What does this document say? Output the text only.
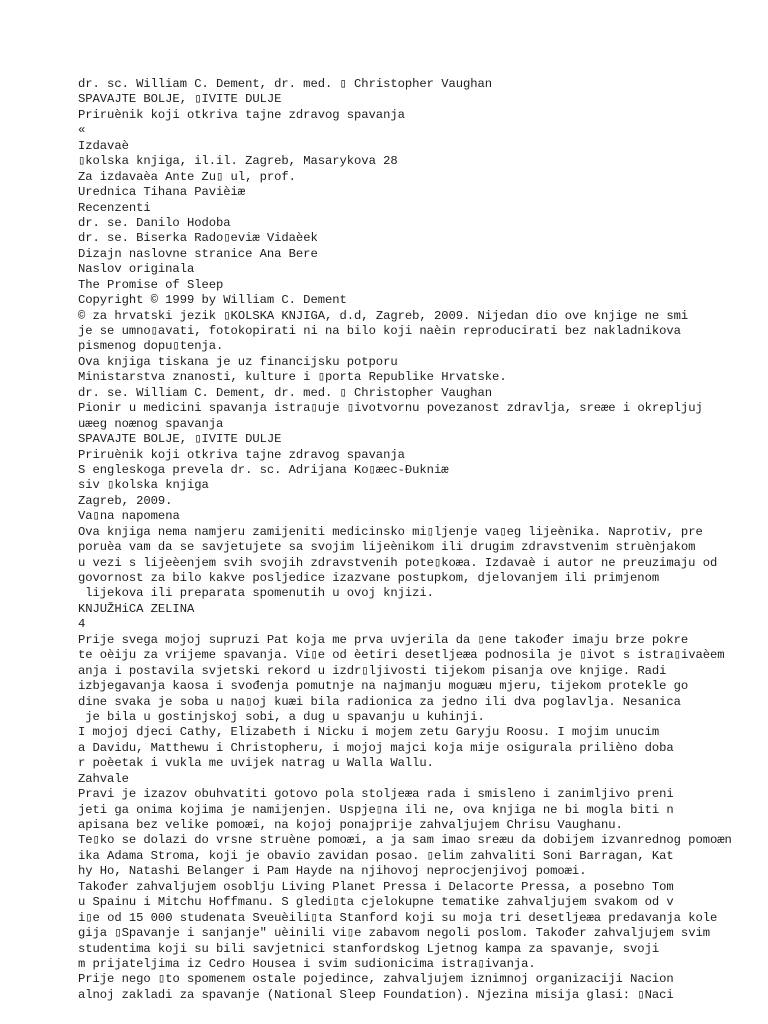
dr. sc. William C. Dement, dr. med. ▯ Christopher Vaughan
SPAVAJTE BOLJE, ▯IVITE DULJE
Priruènik koji otkriva tajne zdravog spavanja
«
Izdavaè
▯kolska knjiga, il.il. Zagreb, Masarykova 28
Za izdavaèa Ante Zu▯ ul, prof.
Urednica Tihana Pavièiæ
Recenzenti
dr. se. Danilo Hodoba
dr. se. Biserka Rado▯eviæ Vidaèek
Dizajn naslovne stranice Ana Bere
Naslov originala
The Promise of Sleep
Copyright © 1999 by William C. Dement
© za hrvatski jezik ▯KOLSKA KNJIGA, d.d, Zagreb, 2009. Nijedan dio ove knjige ne smi
je se umno▯avati, fotokopirati ni na bilo koji naèin reproducirati bez nakladnikova
pismenog dopu▯tenja.
Ova knjiga tiskana je uz financijsku potporu
Ministarstva znanosti, kulture i ▯porta Republike Hrvatske.
dr. se. William C. Dement, dr. med. ▯ Christopher Vaughan
Pionir u medicini spavanja istra▯uje ▯ivotvornu povezanost zdravlja, sreæe i okrepljuj
uæeg noænog spavanja
SPAVAJTE BOLJE, ▯IVITE DULJE
Priruènik koji otkriva tajne zdravog spavanja
S engleskoga prevela dr. sc. Adrijana Ko▯æec-Đukniæ
siv ▯kolska knjiga
Zagreb, 2009.
Va▯na napomena
Ova knjiga nema namjeru zamijeniti medicinsko mi▯ljenje va▯eg lijeènika. Naprotiv, pre
poruèa vam da se savjetujete sa svojim lijeènikom ili drugim zdravstvenim struènjakom
u vezi s lijeèenjem svih svojih zdravstvenih pote▯koæa. Izdavaè i autor ne preuzimaju od
govornost za bilo kakve posljedice izazvane postupkom, djelovanjem ili primjenom
lijekova ili preparata spomenutih u ovoj knjizi.
KNJUŽHiCA ZELINA
4
Prije svega mojoj supruzi Pat koja me prva uvjerila da ▯ene također imaju brze pokre
te oèiju za vrijeme spavanja. Vi▯e od èetiri desetljeæa podnosila je ▯ivot s istra▯ivaèem
anja i postavila svjetski rekord u izdr▯ljivosti tijekom pisanja ove knjige. Radi
izbjegavanja kaosa i svođenja pomutnje na najmanju moguæu mjeru, tijekom protekle go
dine svaka je soba u na▯oj kuæi bila radionica za jedno ili dva poglavlja. Nesanica
je bila u gostinjskoj sobi, a dug u spavanju u kuhinji.
I mojoj djeci Cathy, Elizabeth i Nicku i mojem zetu Garyju Roosu. I mojim unucim
a Davidu, Matthewu i Christopheru, i mojoj majci koja mije osigurala prilièno doba
r poèetak i vukla me uvijek natrag u Walla Wallu.
Zahvale
Pravi je izazov obuhvatiti gotovo pola stoljeæa rada i smisleno i zanimljivo preni
jeti ga onima kojima je namijenjen. Uspje▯na ili ne, ova knjiga ne bi mogla biti n
apisana bez velike pomoæi, na kojoj ponajprije zahvaljujem Chrisu Vaughanu.
Te▯ko se dolazi do vrsne struène pomoæi, a ja sam imao sreæu da dobijem izvanrednog pomoæn
ika Adama Stroma, koji je obavio zavidan posao. ▯elim zahvaliti Soni Barragan, Kat
hy Ho, Natashi Belanger i Pam Hayde na njihovoj neprocjenjivoj pomoæi.
Također zahvaljujem osoblju Living Planet Pressa i Delacorte Pressa, a posebno Tom
u Spainu i Mitchu Hoffmanu. S gledi▯ta cjelokupne tematike zahvaljujem svakom od v
i▯e od 15 000 studenata Sveuèili▯ta Stanford koji su moja tri desetljeæa predavanja kole
gija ▯Spavanje i sanjanje" uèinili vi▯e zabavom negoli poslom. Također zahvaljujem svim
studentima koji su bili savjetnici stanfordskog Ljetnog kampa za spavanje, svoji
m prijateljima iz Cedro Housea i svim sudionicima istra▯ivanja.
Prije nego ▯to spomenem ostale pojedince, zahvaljujem iznimnoj organizaciji Nacion
alnoj zakladi za spavanje (National Sleep Foundation). Njezina misija glasi: ▯Naci
